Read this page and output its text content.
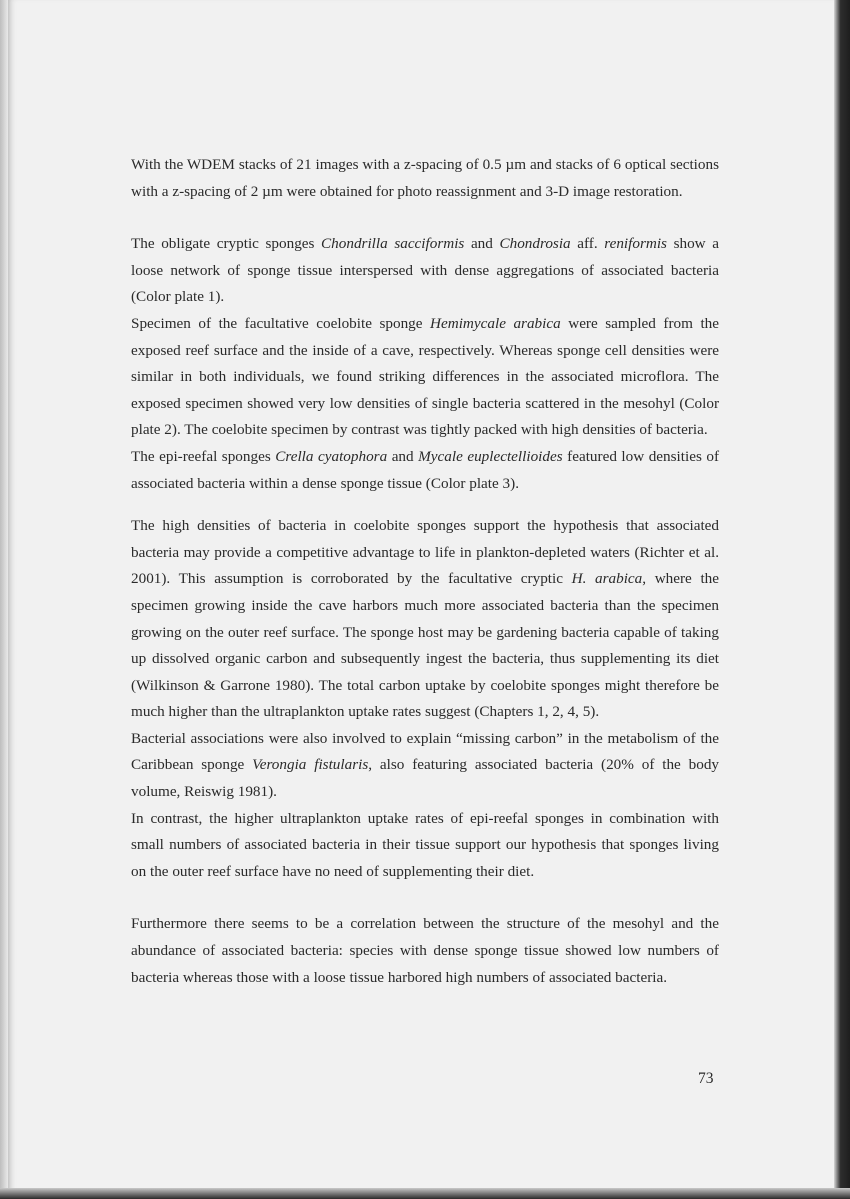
With the WDEM stacks of 21 images with a z-spacing of 0.5 µm and stacks of 6 optical sections with a z-spacing of 2 µm were obtained for photo reassignment and 3-D image restoration.

The obligate cryptic sponges Chondrilla sacciformis and Chondrosia aff. reniformis show a loose network of sponge tissue interspersed with dense aggregations of associated bacteria (Color plate 1).

Specimen of the facultative coelobite sponge Hemimycale arabica were sampled from the exposed reef surface and the inside of a cave, respectively. Whereas sponge cell densities were similar in both individuals, we found striking differences in the associated microflora. The exposed specimen showed very low densities of single bacteria scattered in the mesohyl (Color plate 2). The coelobite specimen by contrast was tightly packed with high densities of bacteria.

The epi-reefal sponges Crella cyatophora and Mycale euplectellioides featured low densities of associated bacteria within a dense sponge tissue (Color plate 3).

The high densities of bacteria in coelobite sponges support the hypothesis that associated bacteria may provide a competitive advantage to life in plankton-depleted waters (Richter et al. 2001). This assumption is corroborated by the facultative cryptic H. arabica, where the specimen growing inside the cave harbors much more associated bacteria than the specimen growing on the outer reef surface. The sponge host may be gardening bacteria capable of taking up dissolved organic carbon and subsequently ingest the bacteria, thus supplementing its diet (Wilkinson & Garrone 1980). The total carbon uptake by coelobite sponges might therefore be much higher than the ultraplankton uptake rates suggest (Chapters 1, 2, 4, 5).

Bacterial associations were also involved to explain “missing carbon” in the metabolism of the Caribbean sponge Verongia fistularis, also featuring associated bacteria (20% of the body volume, Reiswig 1981).

In contrast, the higher ultraplankton uptake rates of epi-reefal sponges in combination with small numbers of associated bacteria in their tissue support our hypothesis that sponges living on the outer reef surface have no need of supplementing their diet.

Furthermore there seems to be a correlation between the structure of the mesohyl and the abundance of associated bacteria: species with dense sponge tissue showed low numbers of bacteria whereas those with a loose tissue harbored high numbers of associated bacteria.

73
